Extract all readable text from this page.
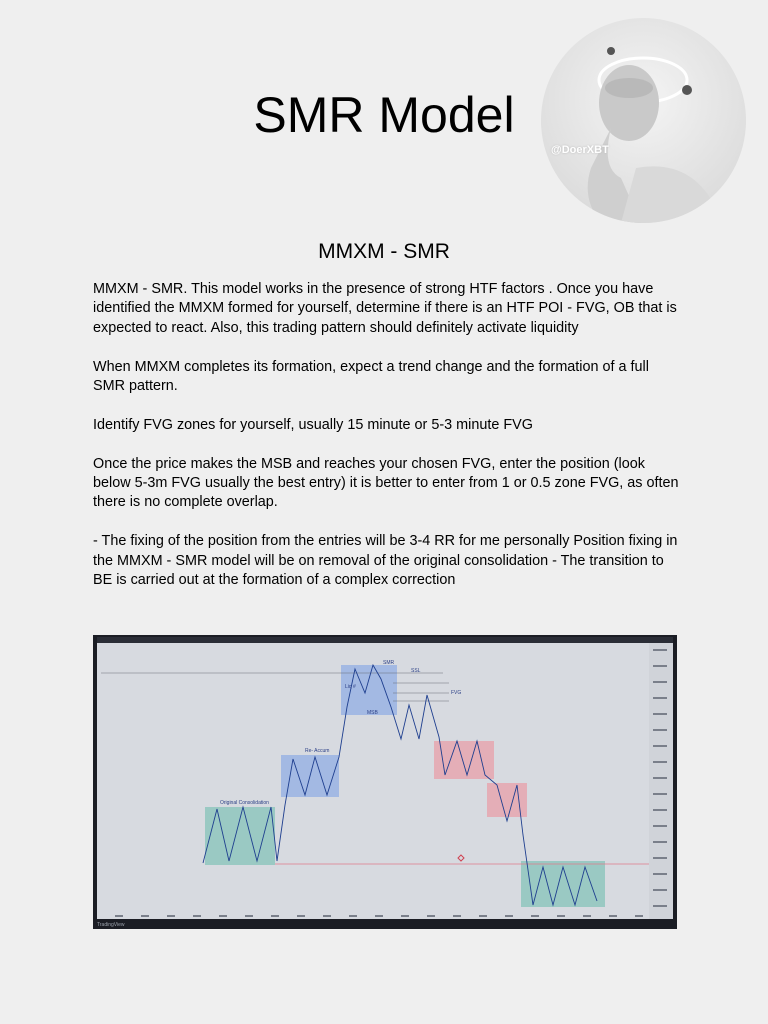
SMR Model
@DoerXBT
MMXM - SMR

MMXM - SMR. This model works in the presence of strong HTF factors . Once you have identified the MMXM formed for yourself, determine if there is an HTF POI - FVG, OB that is expected to react. Also, this trading pattern should definitely activate liquidity

When MMXM completes its formation, expect a trend change and the formation of a full SMR pattern.

Identify FVG zones for yourself, usually 15 minute or 5-3 minute FVG

Once the price makes the MSB and reaches your chosen FVG, enter the position (look below 5-3m FVG usually the best entry) it is better to enter from 1 or 0.5 zone FVG, as often there is no complete overlap.

- The fixing of the position from the entries will be 3-4 RR for me personally Position fixing in the MMXM - SMR model will be on removal of the original consolidation - The transition to BE is carried out at the formation of a complex correction

Original Consolidation
Re- Accum
Liq #
SMR
SSL
FVG
MSB
TradingView
